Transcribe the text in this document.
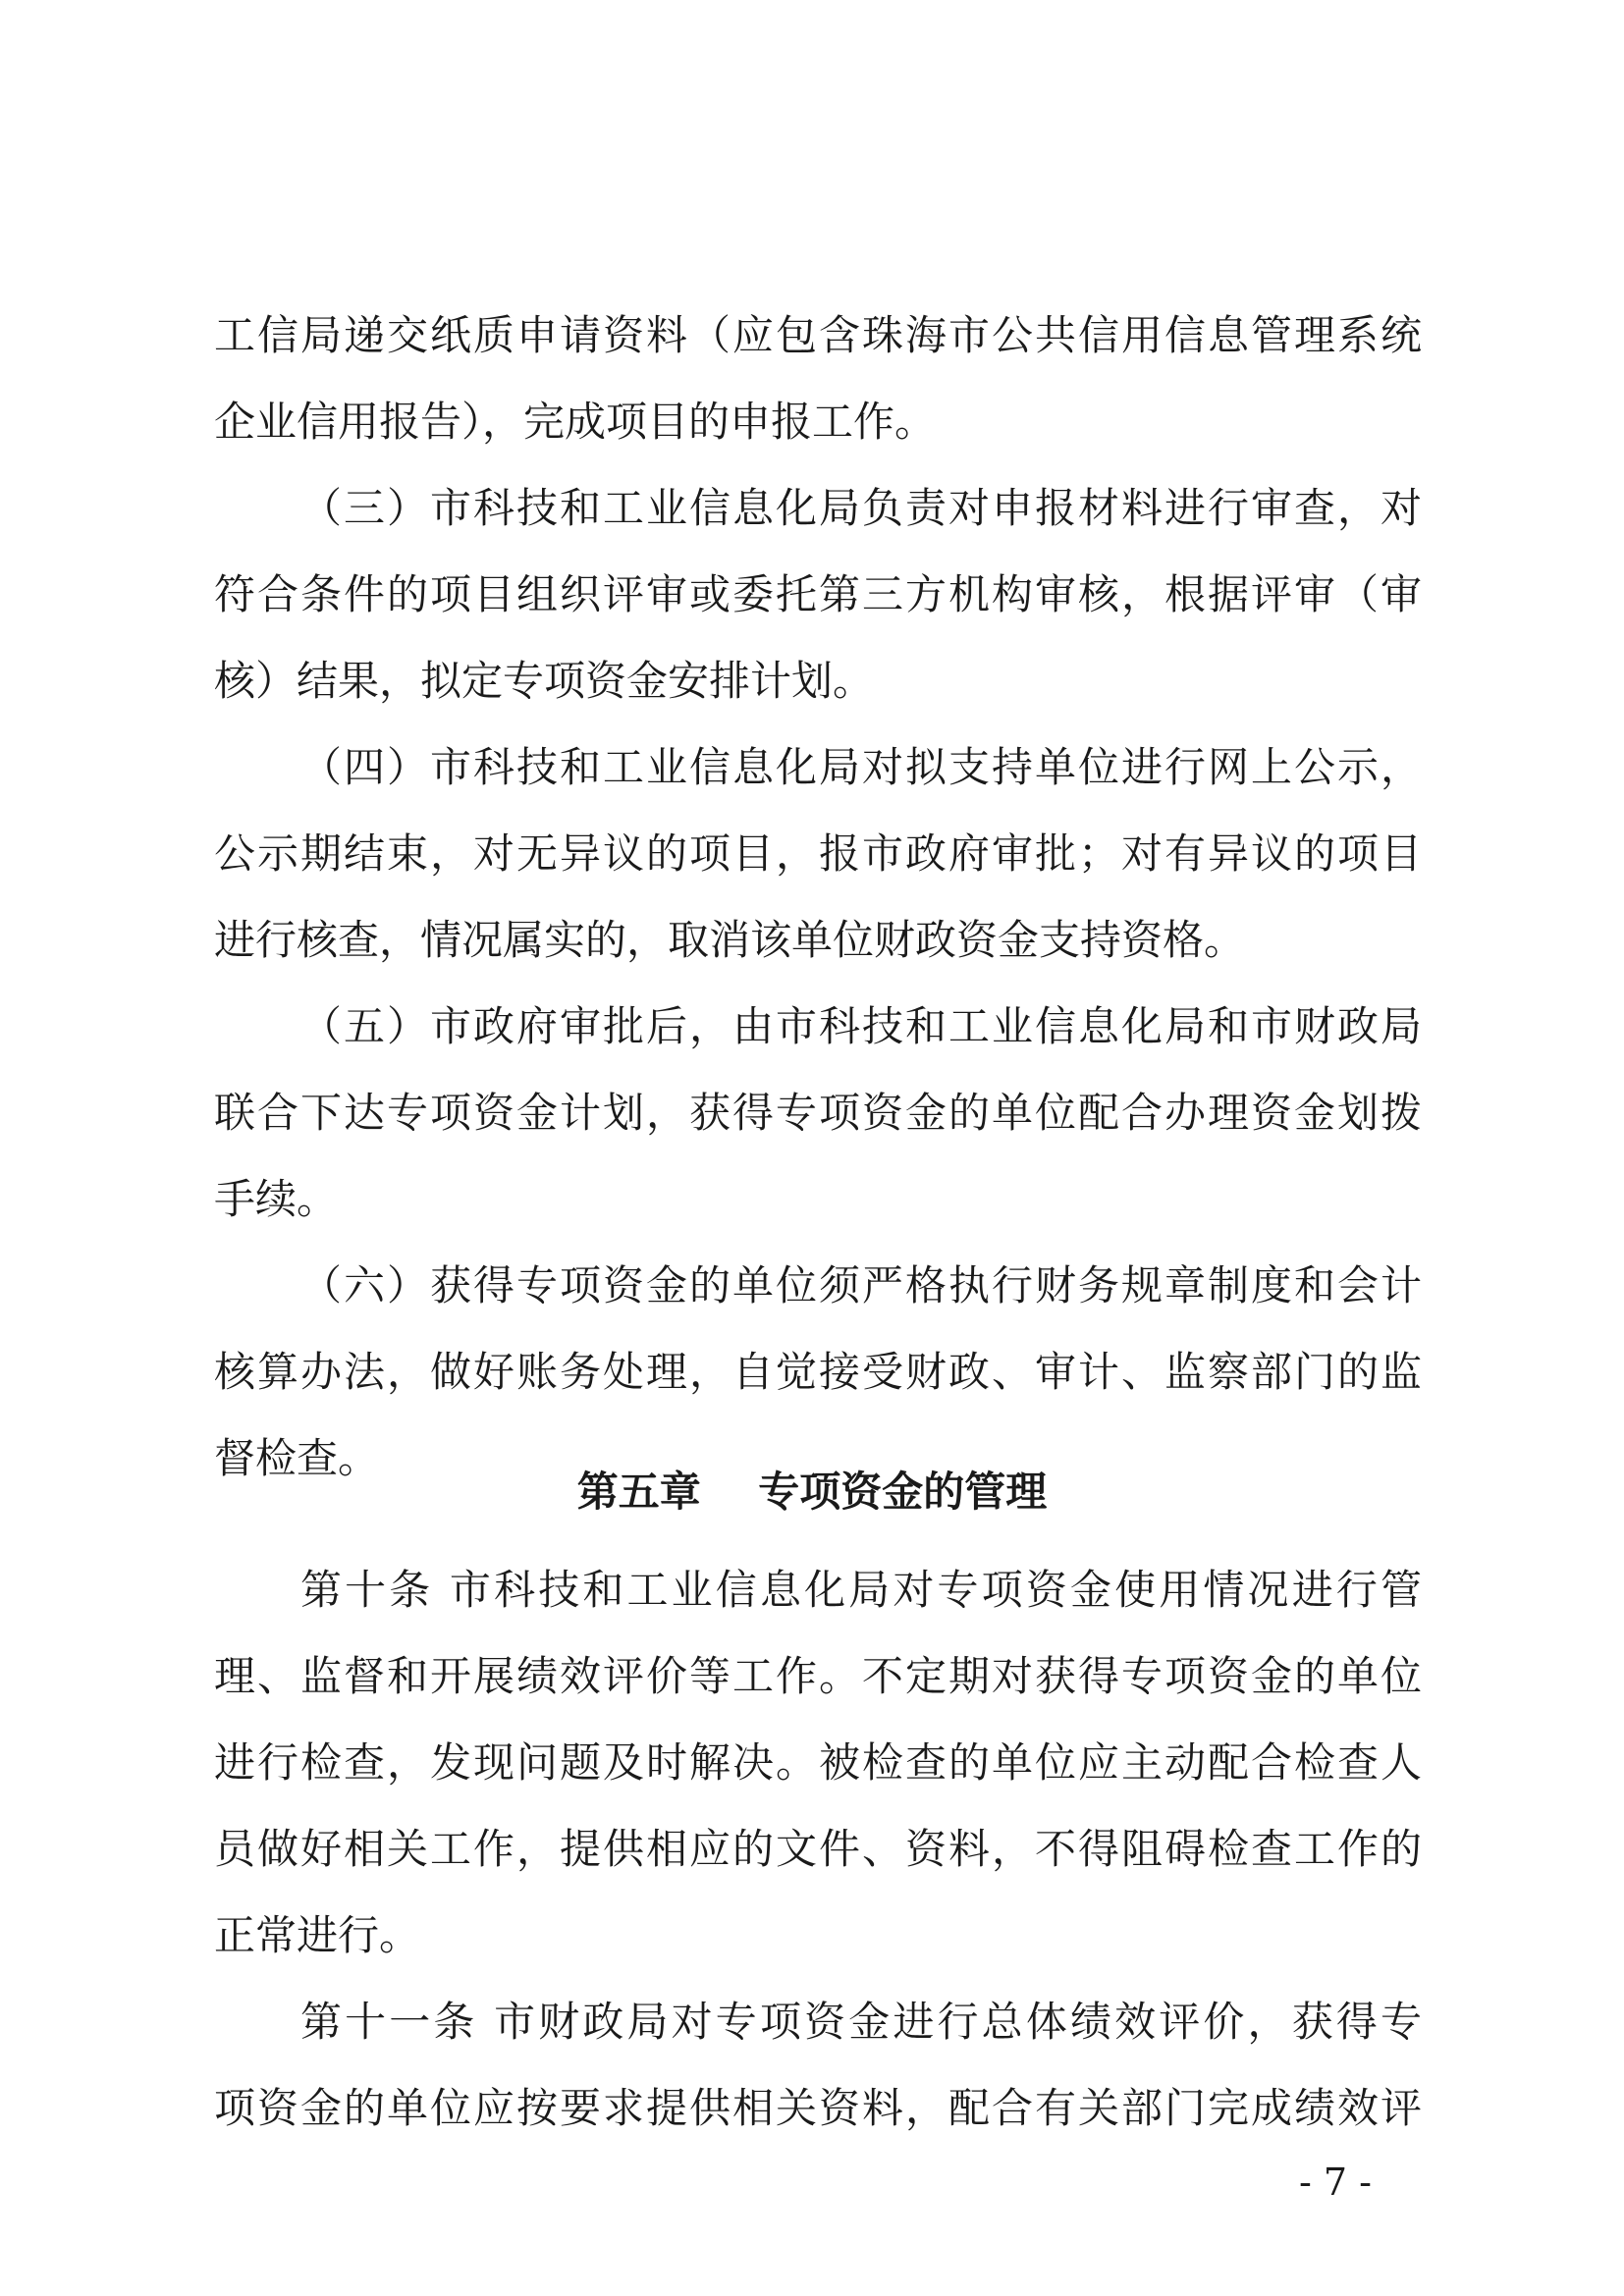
工信局递交纸质申请资料（应包含珠海市公共信用信息管理系统
企业信用报告），完成项目的申报工作。
（三）市科技和工业信息化局负责对申报材料进行审查，对
符合条件的项目组织评审或委托第三方机构审核，根据评审（审
核）结果，拟定专项资金安排计划。
（四）市科技和工业信息化局对拟支持单位进行网上公示，
公示期结束，对无异议的项目，报市政府审批；对有异议的项目
进行核查，情况属实的，取消该单位财政资金支持资格。
（五）市政府审批后，由市科技和工业信息化局和市财政局
联合下达专项资金计划，获得专项资金的单位配合办理资金划拨
手续。
（六）获得专项资金的单位须严格执行财务规章制度和会计
核算办法，做好账务处理，自觉接受财政、审计、监察部门的监
督检查。
第五章    专项资金的管理
第十条 市科技和工业信息化局对专项资金使用情况进行管
理、监督和开展绩效评价等工作。不定期对获得专项资金的单位
进行检查，发现问题及时解决。被检查的单位应主动配合检查人
员做好相关工作，提供相应的文件、资料，不得阻碍检查工作的
正常进行。
第十一条 市财政局对专项资金进行总体绩效评价，获得专
项资金的单位应按要求提供相关资料，配合有关部门完成绩效评
- 7 -
